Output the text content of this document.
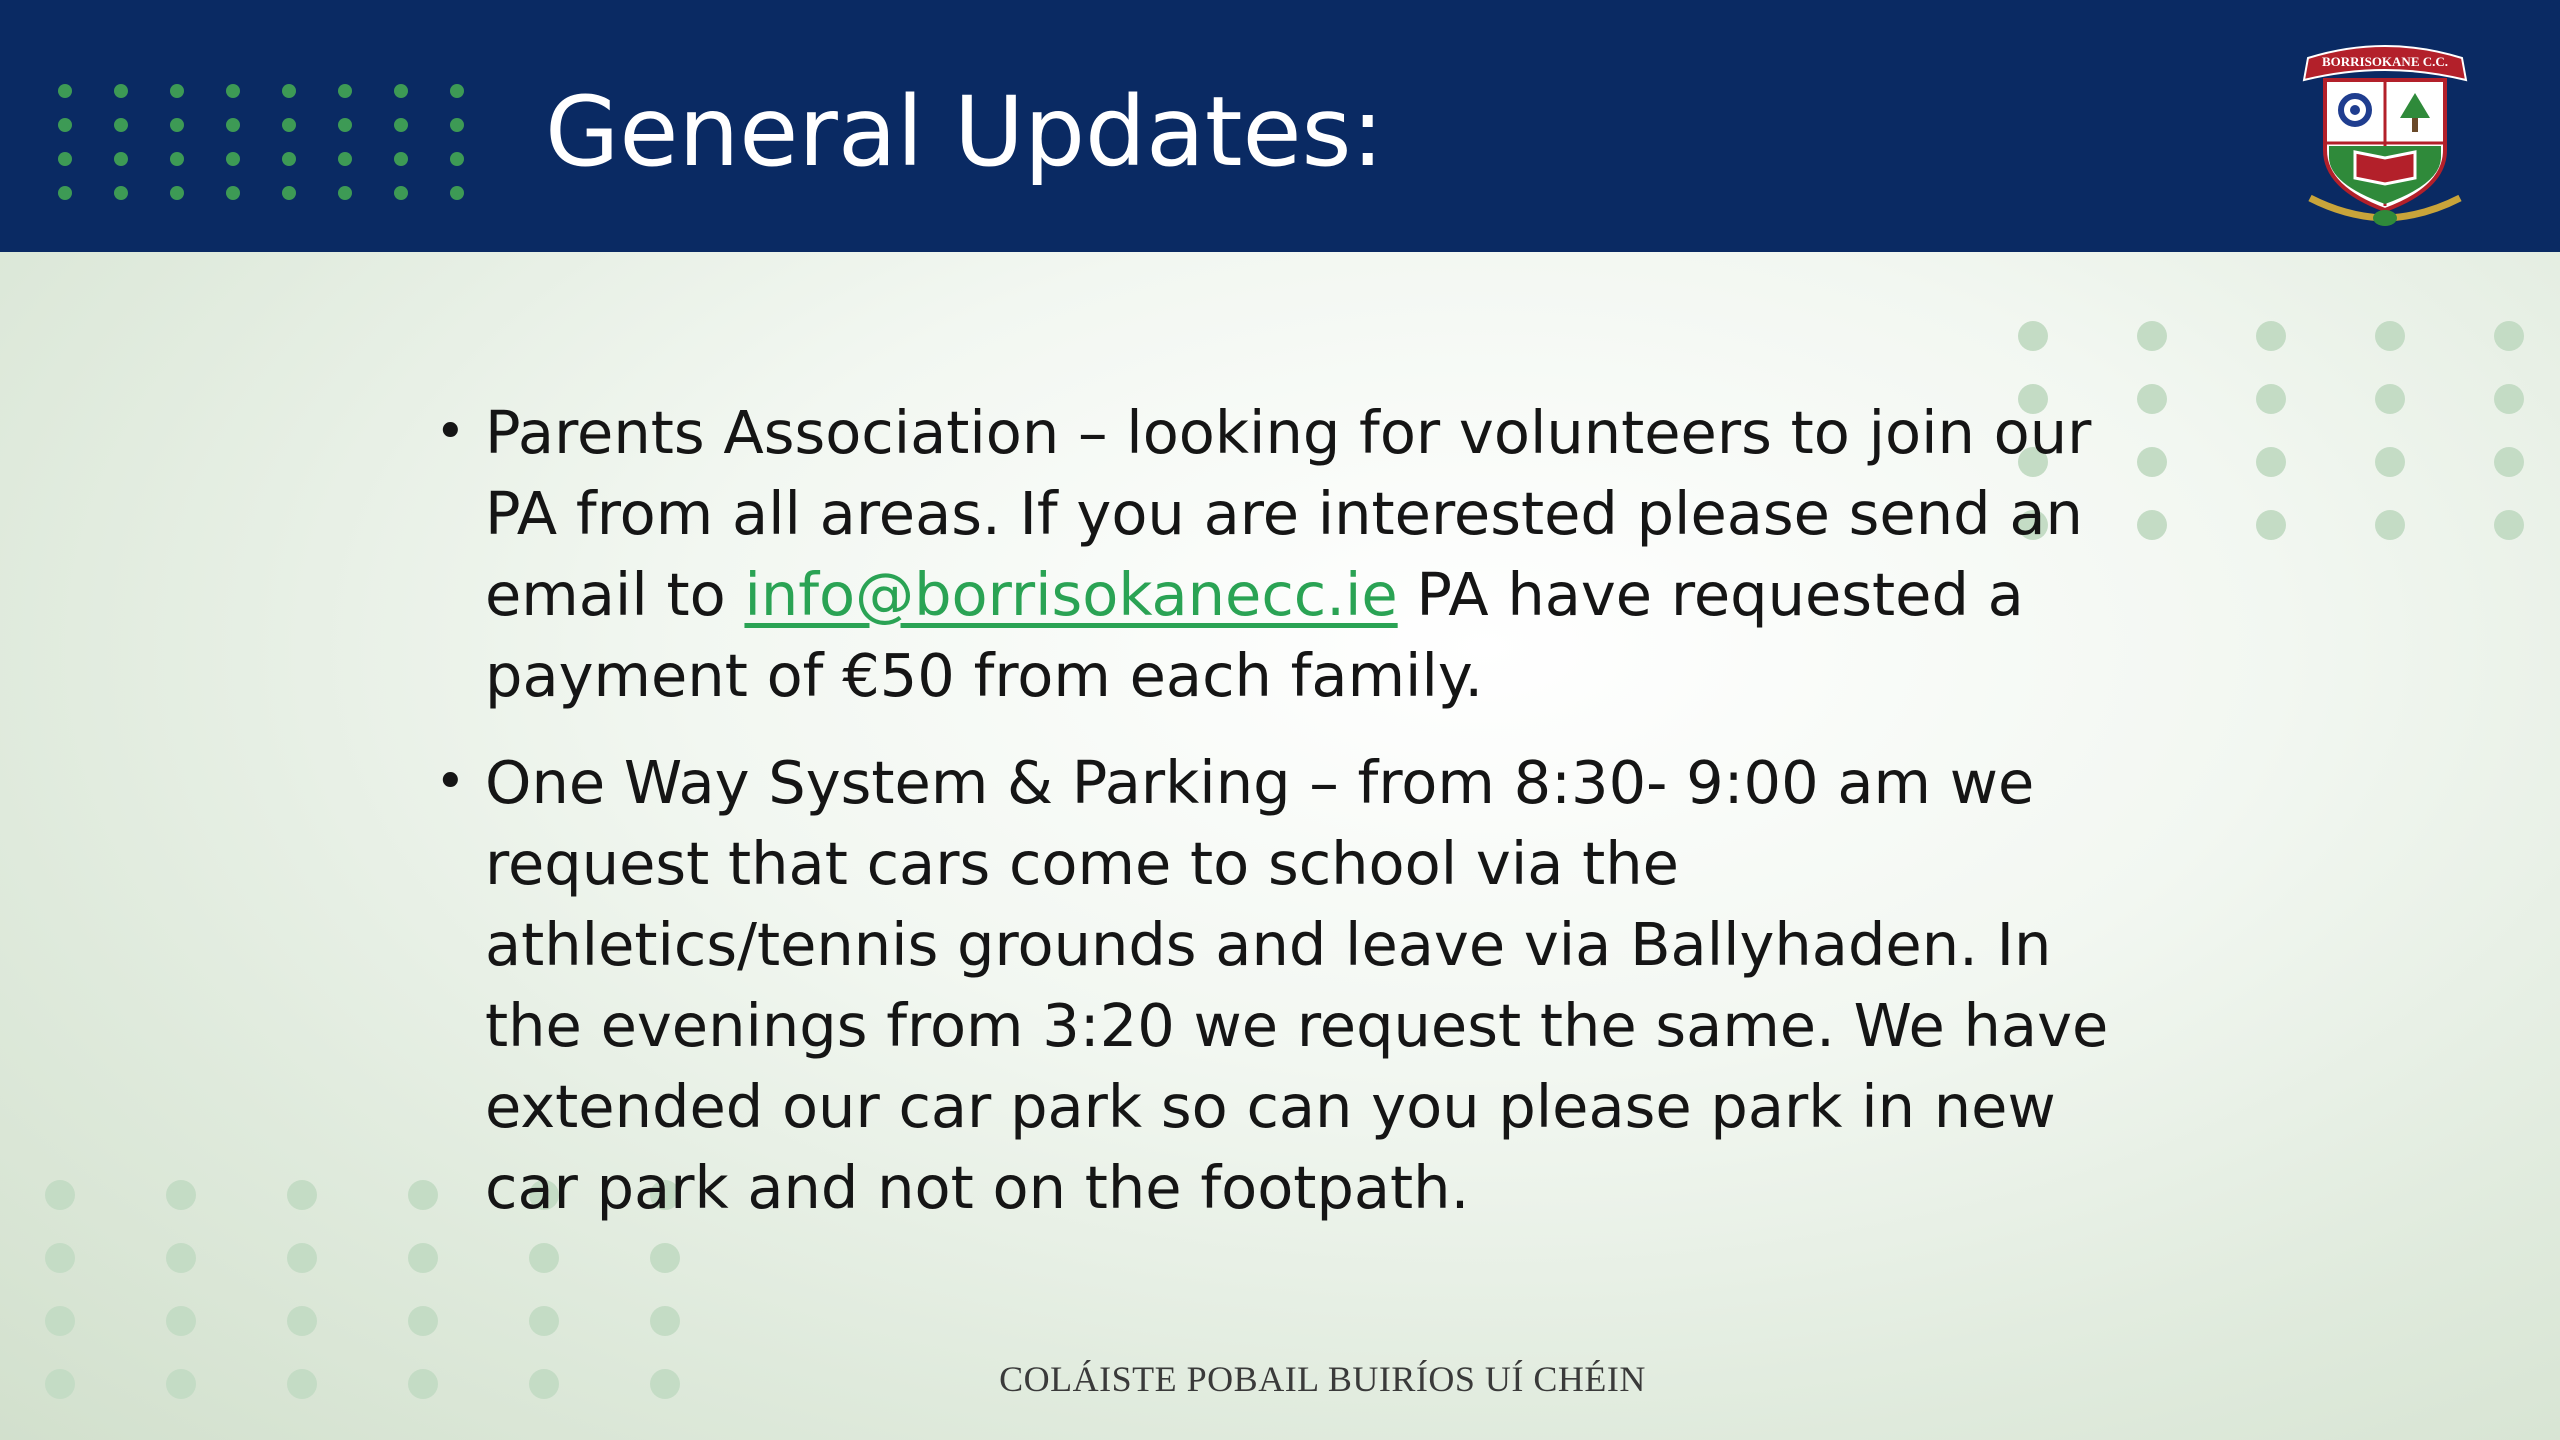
General Updates:
BORRISOKANE C.C.
• Parents Association – looking for volunteers to join our PA from all areas. If you are interested please send an email to info@borrisokanecc.ie PA have requested a payment of €50 from each family.
• One Way System & Parking – from 8:30- 9:00 am we request that cars come to school via the athletics/tennis grounds and leave via Ballyhaden. In the evenings from 3:20 we request the same. We have extended our car park so can you please park in new car park and not on the footpath.
COLÁISTE POBAIL BUIRÍOS UÍ CHÉIN
